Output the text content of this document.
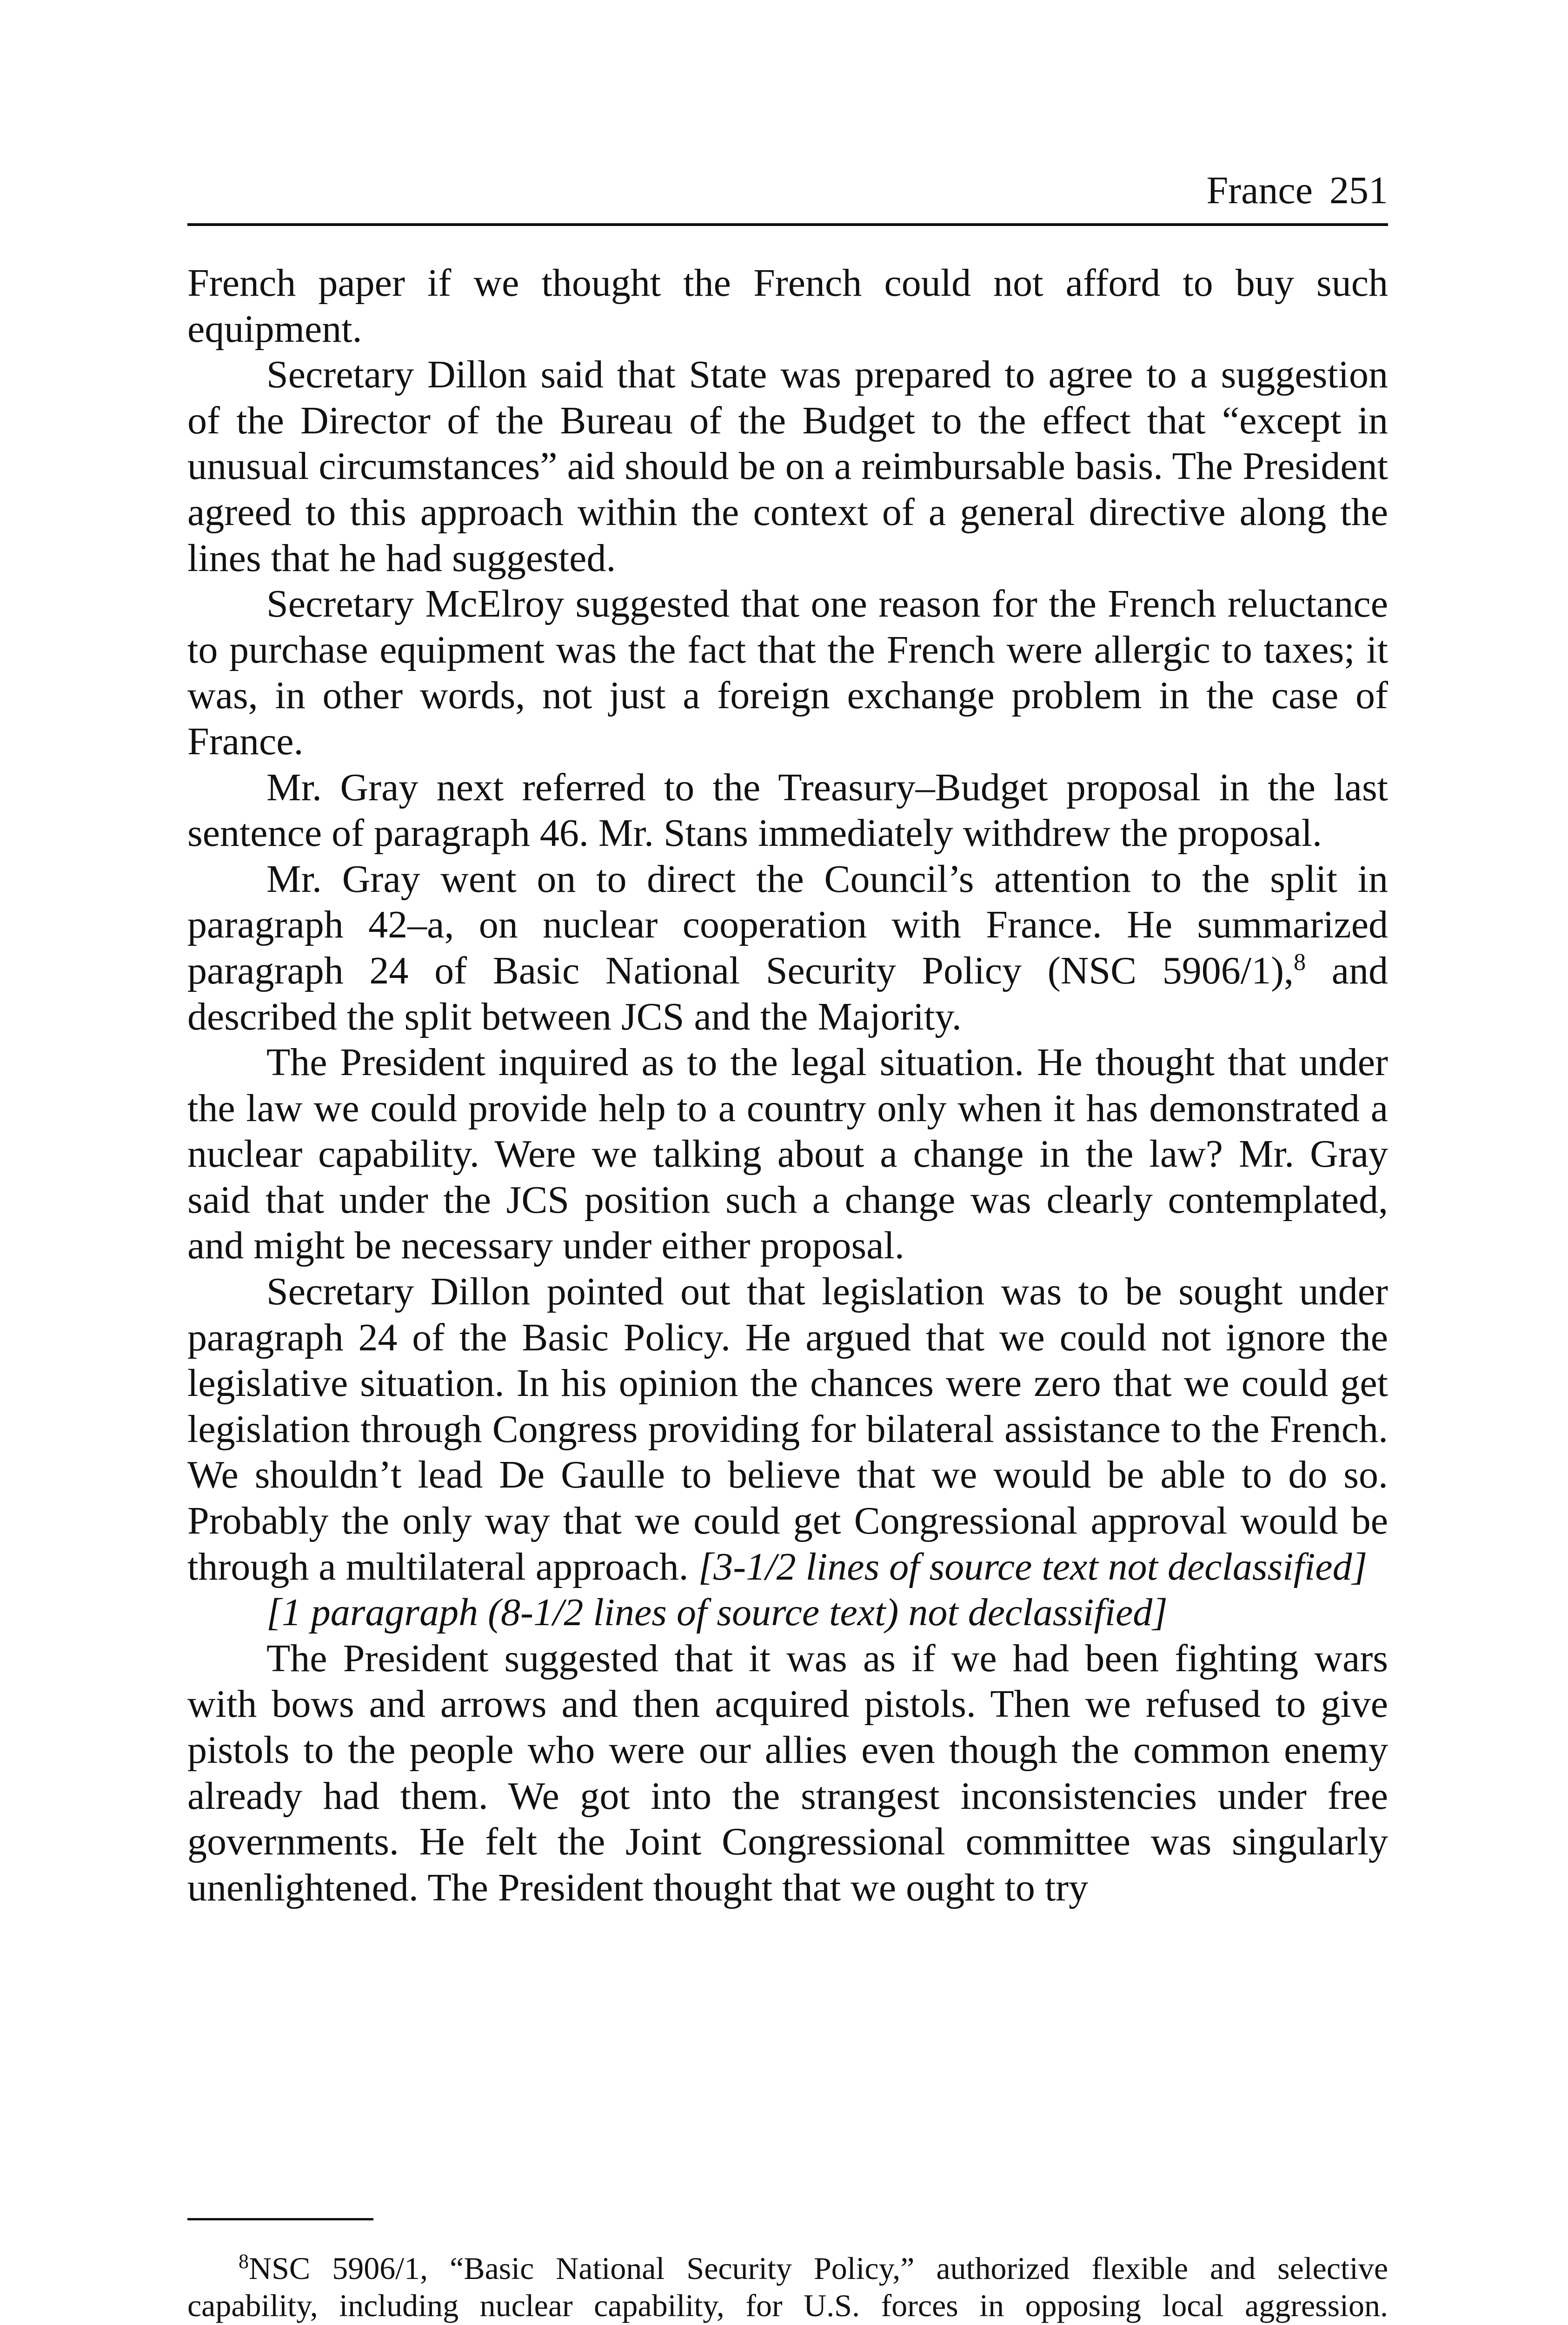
France 251

French paper if we thought the French could not afford to buy such equipment.

Secretary Dillon said that State was prepared to agree to a suggestion of the Director of the Bureau of the Budget to the effect that “except in unusual circumstances” aid should be on a reimbursable basis. The President agreed to this approach within the context of a general directive along the lines that he had suggested.

Secretary McElroy suggested that one reason for the French reluctance to purchase equipment was the fact that the French were allergic to taxes; it was, in other words, not just a foreign exchange problem in the case of France.

Mr. Gray next referred to the Treasury–Budget proposal in the last sentence of paragraph 46. Mr. Stans immediately withdrew the proposal.

Mr. Gray went on to direct the Council’s attention to the split in paragraph 42–a, on nuclear cooperation with France. He summarized paragraph 24 of Basic National Security Policy (NSC 5906/1),$^8$ and described the split between JCS and the Majority.

The President inquired as to the legal situation. He thought that under the law we could provide help to a country only when it has demonstrated a nuclear capability. Were we talking about a change in the law? Mr. Gray said that under the JCS position such a change was clearly contemplated, and might be necessary under either proposal.

Secretary Dillon pointed out that legislation was to be sought under paragraph 24 of the Basic Policy. He argued that we could not ignore the legislative situation. In his opinion the chances were zero that we could get legislation through Congress providing for bilateral assistance to the French. We shouldn’t lead De Gaulle to believe that we would be able to do so. Probably the only way that we could get Congressional approval would be through a multilateral approach. [3-1/2 lines of source text not declassified]

[1 paragraph (8-1/2 lines of source text) not declassified]

The President suggested that it was as if we had been fighting wars with bows and arrows and then acquired pistols. Then we refused to give pistols to the people who were our allies even though the common enemy already had them. We got into the strangest inconsistencies under free governments. He felt the Joint Congressional committee was singularly unenlightened. The President thought that we ought to try

$^8$NSC 5906/1, “Basic National Security Policy,” authorized flexible and selective capability, including nuclear capability, for U.S. forces in opposing local aggression.
